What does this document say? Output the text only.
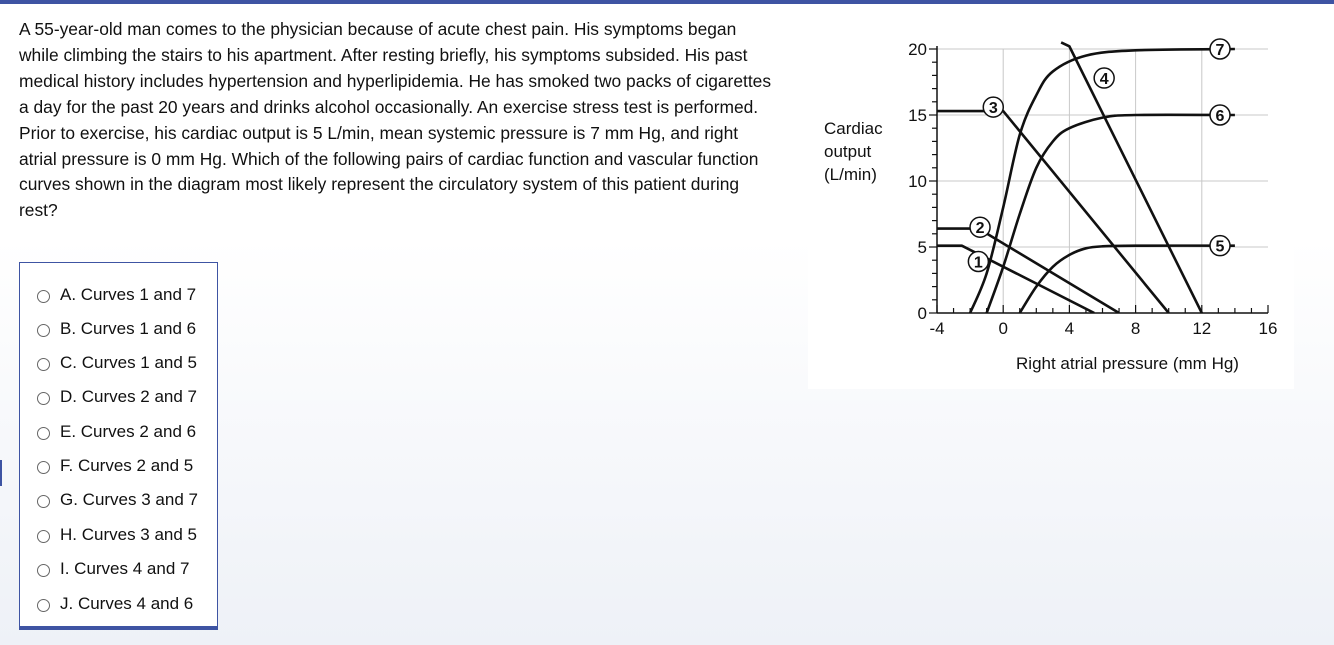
A 55-year-old man comes to the physician because of acute chest pain. His symptoms began while climbing the stairs to his apartment. After resting briefly, his symptoms subsided. His past medical history includes hypertension and hyperlipidemia. He has smoked two packs of cigarettes a day for the past 20 years and drinks alcohol occasionally. An exercise stress test is performed. Prior to exercise, his cardiac output is 5 L/min, mean systemic pressure is 7 mm Hg, and right atrial pressure is 0 mm Hg. Which of the following pairs of cardiac function and vascular function curves shown in the diagram most likely represent the circulatory system of this patient during rest?

-4	0	4	8	12	16
0
5
10
15
20
Right atrial pressure (mm Hg)
Cardiac
output
(L/min)
1
2
3
4
5
6
7
A. Curves 1 and 7
B. Curves 1 and 6
C. Curves 1 and 5
D. Curves 2 and 7
E. Curves 2 and 6
F. Curves 2 and 5
G. Curves 3 and 7
H. Curves 3 and 5
I. Curves 4 and 7
J. Curves 4 and 6
